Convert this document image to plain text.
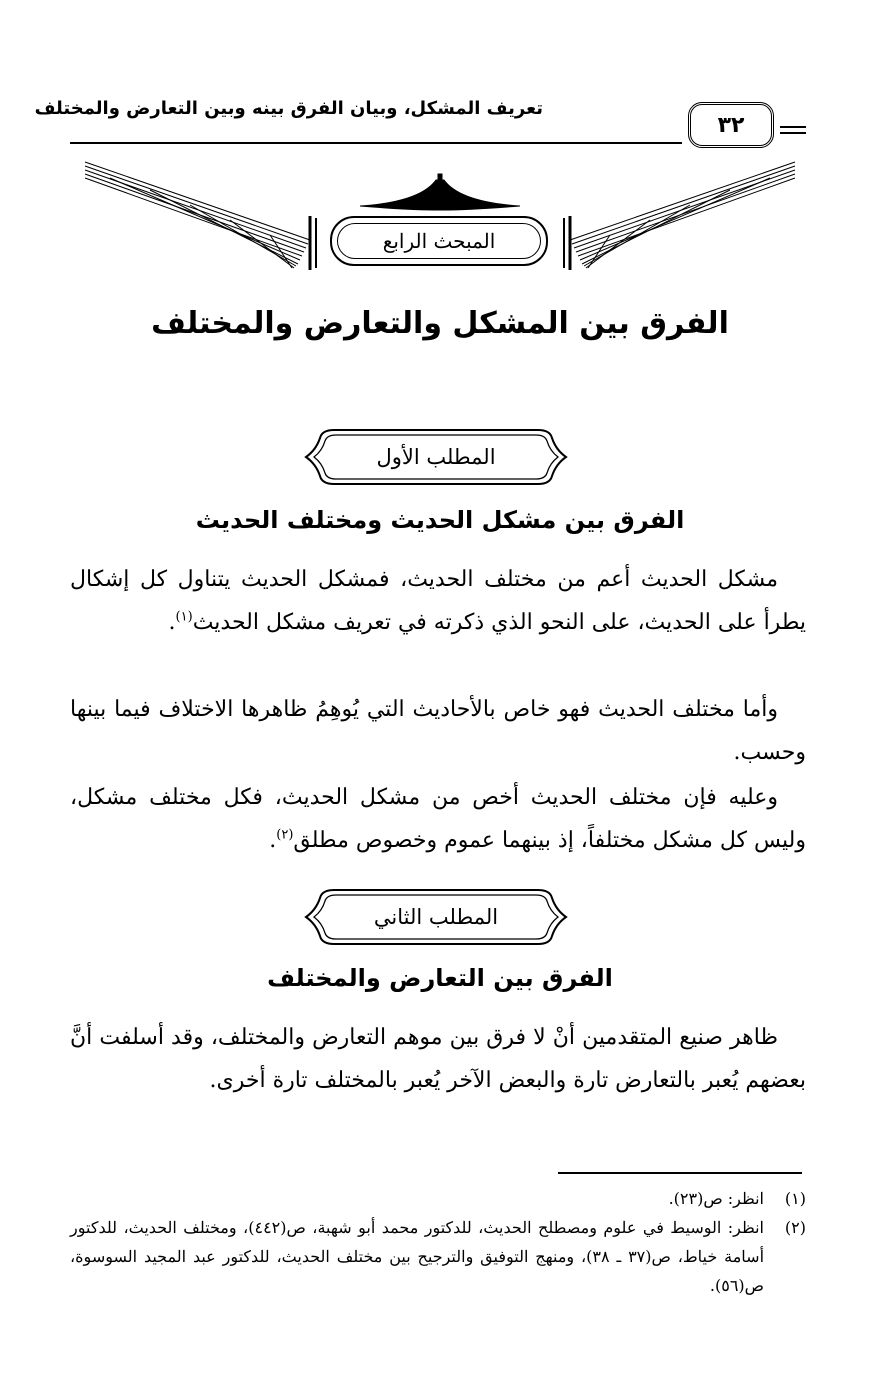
تعريف المشكل، وبيان الفرق بينه وبين التعارض والمختلف
٣٢
المبحث الرابع
الفرق بين المشكل والتعارض والمختلف
المطلب الأول
الفرق بين مشكل الحديث ومختلف الحديث
مشكل الحديث أعم من مختلف الحديث، فمشكل الحديث يتناول كل إشكال يطرأ على الحديث، على النحو الذي ذكرته في تعريف مشكل الحديث$^{(١)}$.
وأما مختلف الحديث فهو خاص بالأحاديث التي يُوهِمُ ظاهرها الاختلاف فيما بينها وحسب.
وعليه فإن مختلف الحديث أخص من مشكل الحديث، فكل مختلف مشكل، وليس كل مشكل مختلفاً، إذ بينهما عموم وخصوص مطلق$^{(٢)}$.
المطلب الثاني
الفرق بين التعارض والمختلف
ظاهر صنيع المتقدمين أنْ لا فرق بين موهم التعارض والمختلف، وقد أسلفت أنَّ بعضهم يُعبر بالتعارض تارة والبعض الآخر يُعبر بالمختلف تارة أخرى.
(١)
انظر: ص(٢٣).
(٢)
انظر: الوسيط في علوم ومصطلح الحديث، للدكتور محمد أبو شهبة، ص(٤٤٢)، ومختلف الحديث، للدكتور أسامة خياط، ص(٣٧ ـ ٣٨)، ومنهج التوفيق والترجيح بين مختلف الحديث، للدكتور عبد المجيد السوسوة، ص(٥٦).
